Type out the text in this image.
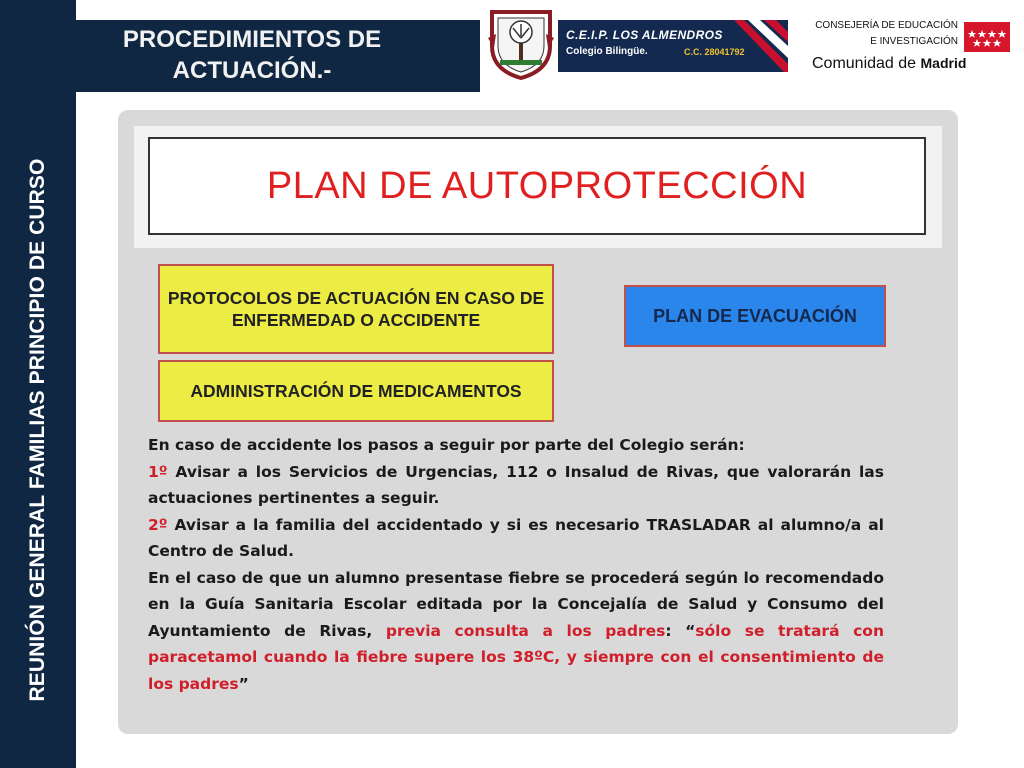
REUNIÓN GENERAL FAMILIAS PRINCIPIO DE CURSO
PROCEDIMIENTOS DE
ACTUACIÓN.-
C.E.I.P. LOS ALMENDROS
Colegio Bilingüe.	C.C. 28041792
CONSEJERÍA DE EDUCACIÓN
E INVESTIGACIÓN
Comunidad de Madrid
PLAN DE AUTOPROTECCIÓN
PROTOCOLOS DE ACTUACIÓN EN CASO DE ENFERMEDAD O ACCIDENTE
ADMINISTRACIÓN DE MEDICAMENTOS
PLAN DE EVACUACIÓN

En caso de accidente los pasos a seguir por parte del Colegio serán:

1º Avisar a los Servicios de Urgencias, 112 o Insalud de Rivas, que valorarán las actuaciones pertinentes a seguir.

2º Avisar a la familia del accidentado y si es necesario TRASLADAR al alumno/a al Centro de Salud.

En el caso de que un alumno presentase fiebre se procederá según lo recomendado en la Guía Sanitaria Escolar editada por la Concejalía de Salud y Consumo del Ayuntamiento de Rivas, previa consulta a los padres: “sólo se tratará con paracetamol cuando la fiebre supere los 38ºC, y siempre con el consentimiento de los padres”
